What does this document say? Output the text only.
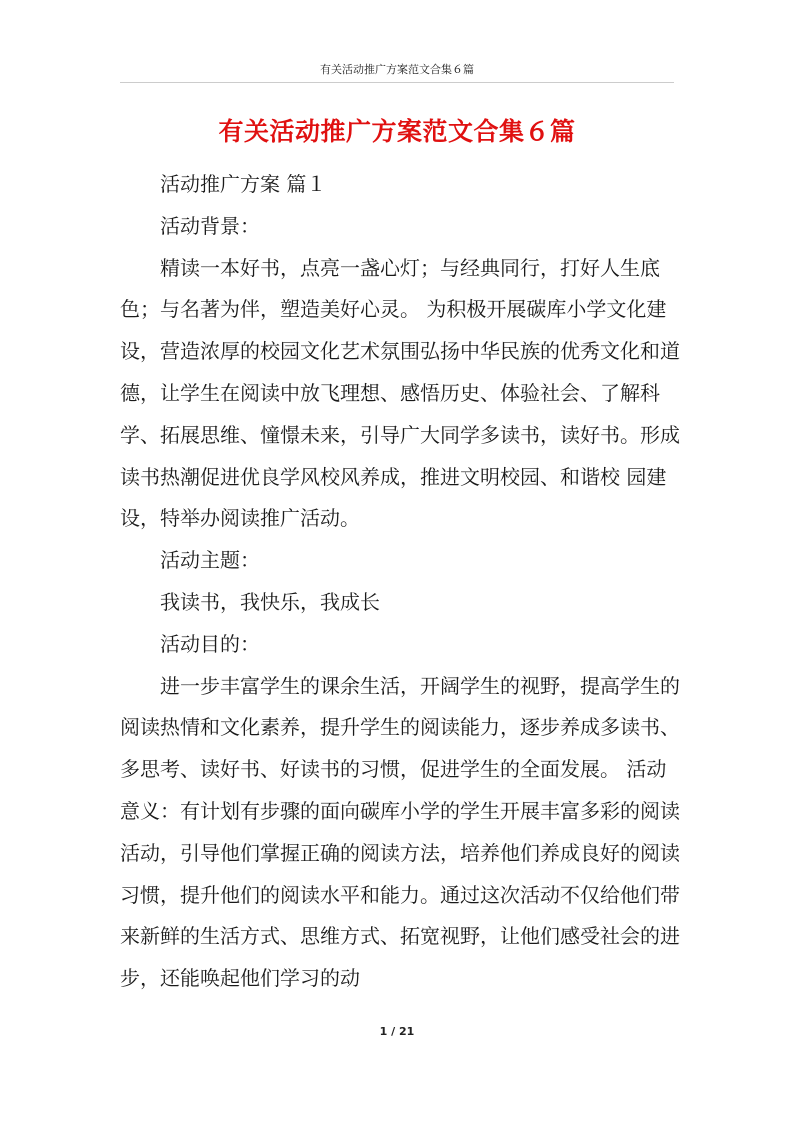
有关活动推广方案范文合集６篇
有关活动推广方案范文合集６篇

活动推广方案 篇１

活动背景：

精读一本好书，点亮一盏心灯；与经典同行，打好人生底色；与名著为伴，塑造美好心灵。 为积极开展碳库小学文化建设，营造浓厚的校园文化艺术氛围弘扬中华民族的优秀文化和道德，让学生在阅读中放飞理想、感悟历史、体验社会、了解科学、拓展思维、憧憬未来，引导广大同学多读书，读好书。形成读书热潮促进优良学风校风养成，推进文明校园、和谐校 园建设，特举办阅读推广活动。

活动主题：

我读书，我快乐，我成长

活动目的：

进一步丰富学生的课余生活，开阔学生的视野，提高学生的阅读热情和文化素养，提升学生的阅读能力，逐步养成多读书、多思考、读好书、好读书的习惯，促进学生的全面发展。 活动意义：有计划有步骤的面向碳库小学的学生开展丰富多彩的阅读活动，引导他们掌握正确的阅读方法，培养他们养成良好的阅读习惯，提升他们的阅读水平和能力。通过这次活动不仅给他们带来新鲜的生活方式、思维方式、拓宽视野，让他们感受社会的进步，还能唤起他们学习的动

1 / 21
